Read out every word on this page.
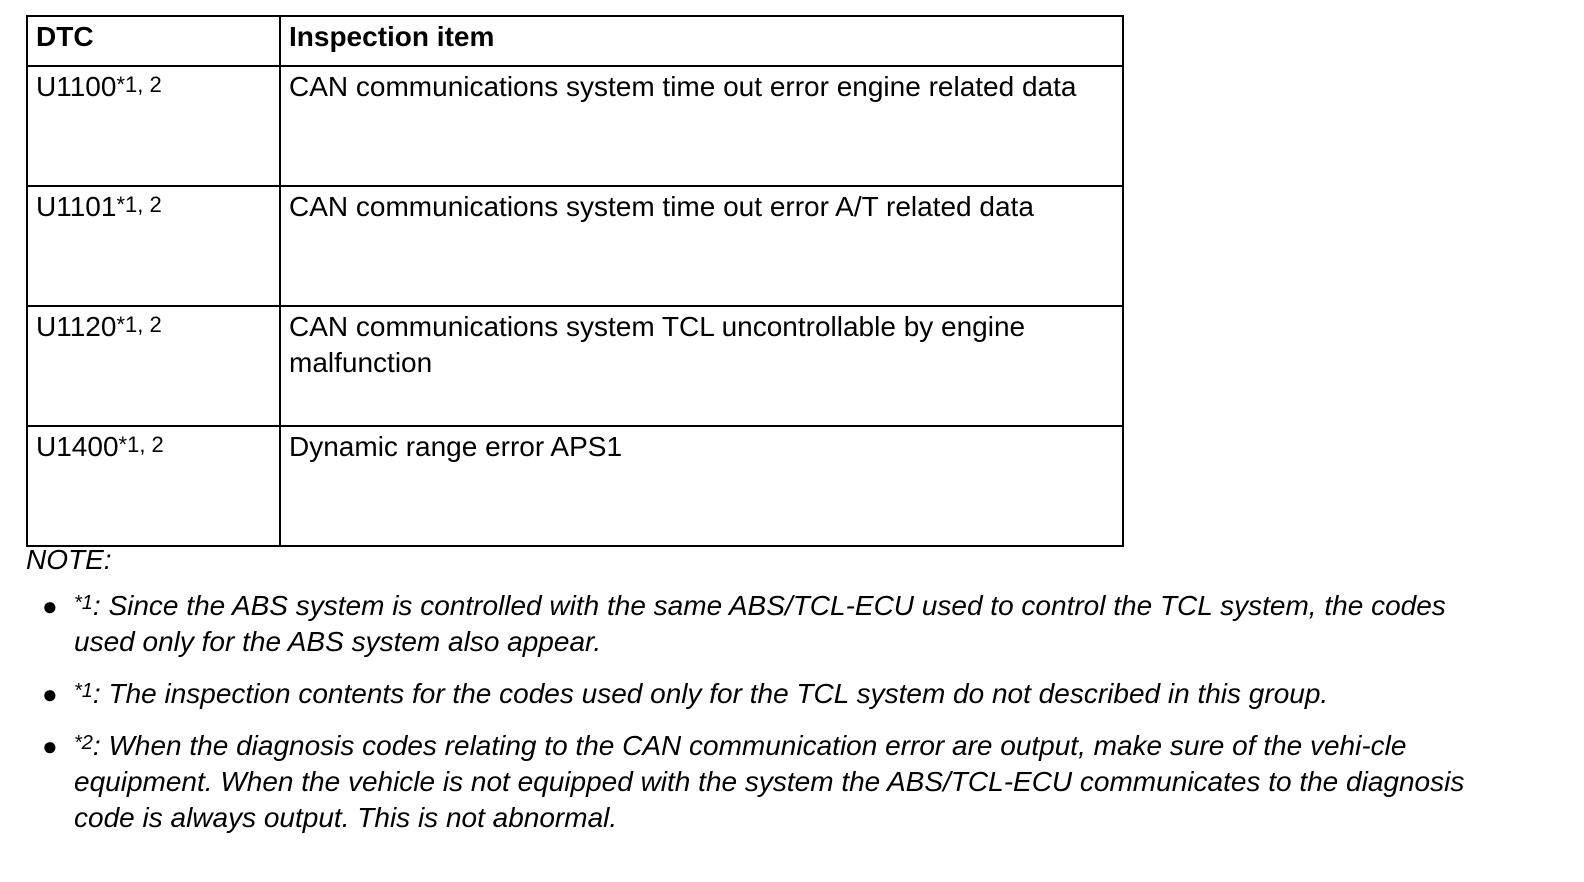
DTC	Inspection item
U1100$^{*1, 2}$	CAN communications system time out error engine related data
U1101$^{*1, 2}$	CAN communications system time out error A/T related data
U1120$^{*1, 2}$	CAN communications system TCL uncontrollable by engine malfunction
U1400$^{*1, 2}$	Dynamic range error APS1
NOTE:
● $^{*1}$: Since the ABS system is controlled with the same ABS/TCL-ECU used to control the TCL system, the codes used only for the ABS system also appear.
● $^{*1}$: The inspection contents for the codes used only for the TCL system do not described in this group.
● $^{*2}$: When the diagnosis codes relating to the CAN communication error are output, make sure of the vehi-cle equipment. When the vehicle is not equipped with the system the ABS/TCL-ECU communicates to the diagnosis code is always output. This is not abnormal.
